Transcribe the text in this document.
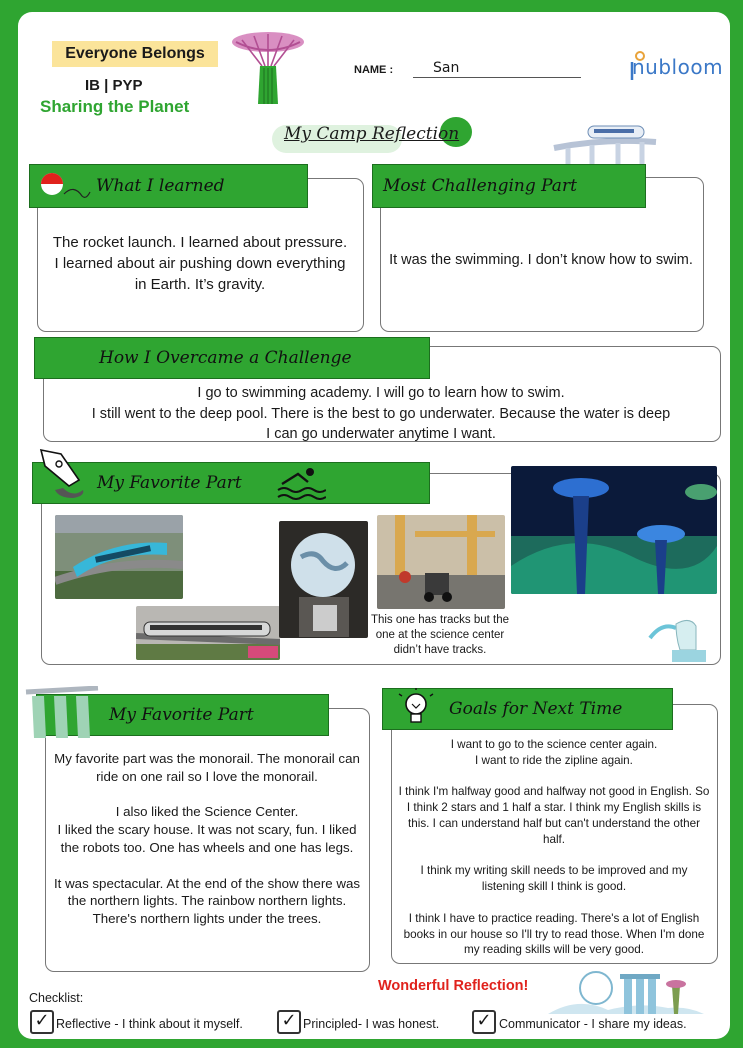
Everyone Belongs
IB | PYP
Sharing the Planet
NAME :	San	nubloom
My Camp Reflection
What I learned
The rocket launch. I learned about pressure. I learned about air pushing down everything in Earth. It’s gravity.
Most Challenging Part
It was the swimming. I don’t know how to swim.
How I Overcame a Challenge
I go to swimming academy. I will go to learn how to swim.
I still went to the deep pool. There is the best to go underwater. Because the water is deep
I can go underwater anytime I want.
My Favorite Part
This one has tracks but the one at the science center didn’t have tracks.
My Favorite Part
My favorite part was the monorail. The monorail can ride on one rail so I love the monorail.

I also liked the Science Center.
I liked the scary house. It was not scary, fun. I liked the robots too. One has wheels and one has legs.

It was spectacular. At the end of the show there was the northern lights. The rainbow northern lights. There's northern lights under the trees.
Goals for Next Time
I want to go to the science center again.
I want to ride the zipline again.

I think I'm halfway good and halfway not good in English. So I think 2 stars and 1 half a star. I think my English skills is this. I can understand half but can't understand the other half.

I think my writing skill needs to be improved and my listening skill I think is good.

I think I have to practice reading. There's a lot of English books in our house so I'll try to read those. When I'm done my reading skills will be very good.
Wonderful Reflection!
Checklist:
✓ Reflective - I think about it myself. ✓ Principled- I was honest. ✓ Communicator - I share my ideas.
